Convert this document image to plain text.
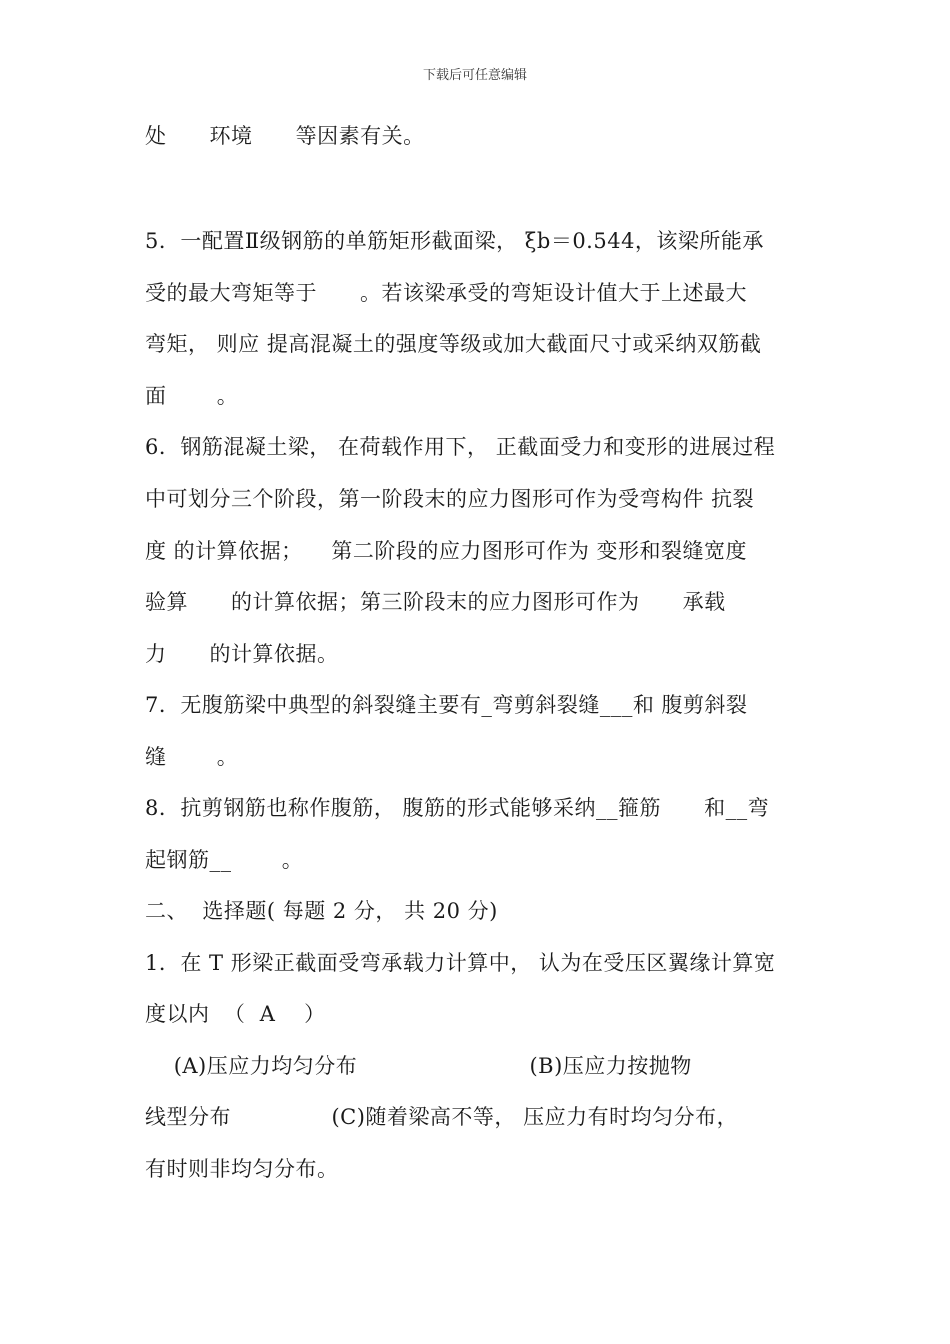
下载后可任意编辑
处      环境      等因素有关。
5．一配置Ⅱ级钢筋的单筋矩形截面梁， ξb＝0.544，该梁所能承
受的最大弯矩等于      。若该梁承受的弯矩设计值大于上述最大
弯矩， 则应 提高混凝土的强度等级或加大截面尺寸或采纳双筋截
面       。
6．钢筋混凝土梁， 在荷载作用下， 正截面受力和变形的进展过程
中可划分三个阶段，第一阶段末的应力图形可作为受弯构件 抗裂
度 的计算依据；    第二阶段的应力图形可作为 变形和裂缝宽度
验算      的计算依据；第三阶段末的应力图形可作为      承载
力      的计算依据。
7．无腹筋梁中典型的斜裂缝主要有_弯剪斜裂缝___和 腹剪斜裂
缝       。
8．抗剪钢筋也称作腹筋， 腹筋的形式能够采纳__箍筋      和__弯
起钢筋__       。
二、  选择题( 每题 2 分， 共 20 分)
1．在 T 形梁正截面受弯承载力计算中， 认为在受压区翼缘计算宽
度以内  （  A    ）
(A)压应力均匀分布                        (B)压应力按抛物
线型分布              (C)随着梁高不等， 压应力有时均匀分布，
有时则非均匀分布。
